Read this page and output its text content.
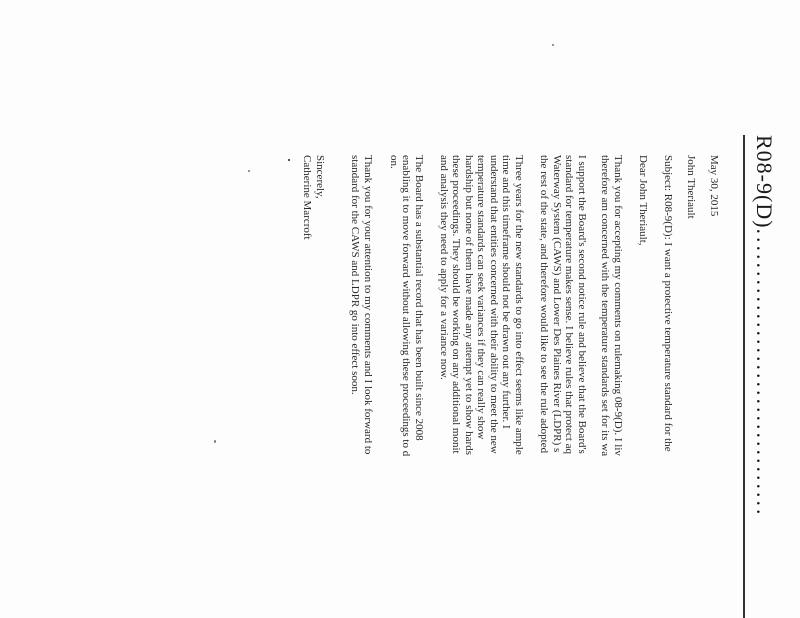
R08-9(D)..................................
May 30, 2015
John Theriault
Subject: R08-9(D): I want a protective temperature standard for the
Dear John Theriault,
Thank you for accepting my comments on rulemaking 08-9(D). I liv
therefore am concerned with the temperature standards set for its wa
I support the Board's second notice rule and believe that the Board's
standard for temperature makes sense. I believe rules that protect aq
Waterway System (CAWS) and Lower Des Plaines River (LDPR) s
the rest of the state, and therefore would like to see the rule adopted
Three years for the new standards to go into effect seems like ample
time and this timeframe should not be drawn out any further. I
understand that entities concerned with their ability to meet the new
temperature standards can seek variances if they can really show
hardship but none of them have made any attempt yet to show hards
these proceedings. They should be working on any additional monit
and analysis they need to apply for a variance now.
The Board has a substantial record that has been built since 2008
enabling it to move forward without allowing these proceedings to d
on.
Thank you for your attention to my comments and I look forward to
standard for the CAWS and LDPR go into effect soon.
Sincerely,
Catherine Marcroft
